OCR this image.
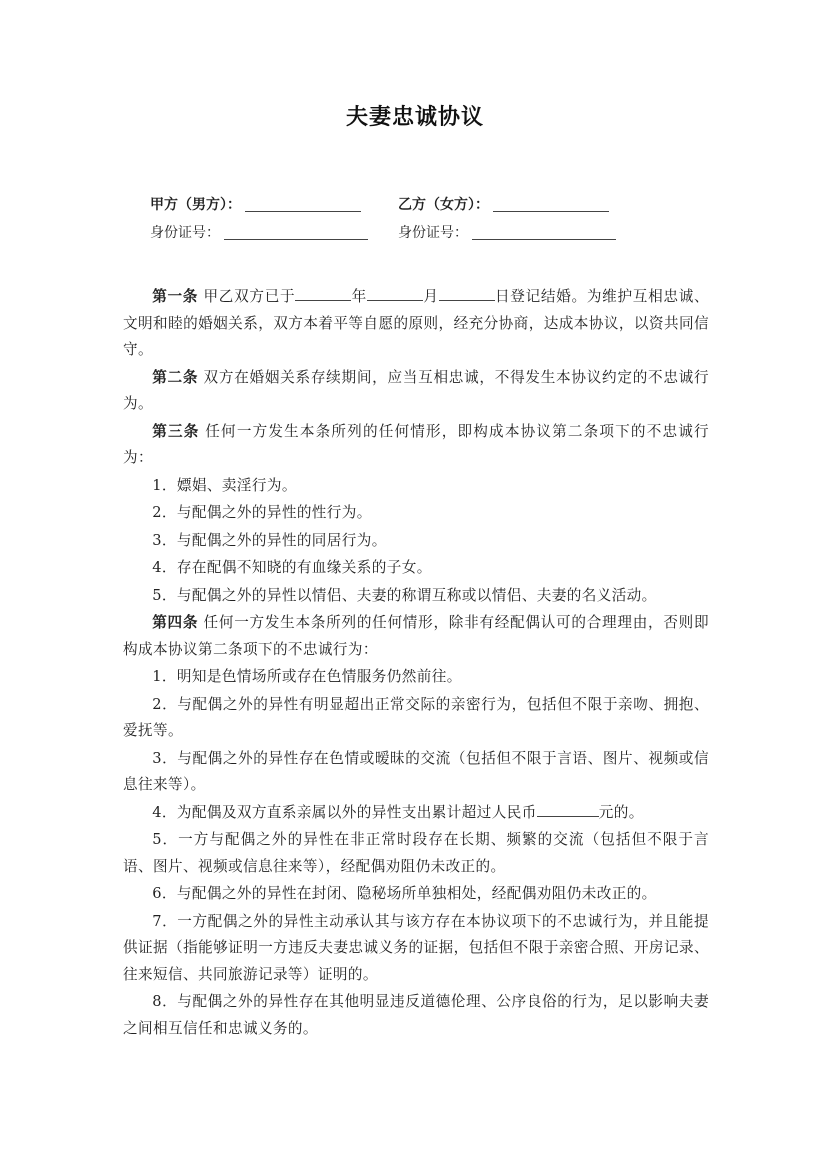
夫妻忠诚协议
甲方（男方）：	乙方（女方）：
身份证号：	身份证号：

第一条 甲乙双方已于	年	月	日登记结婚。为维护互相忠诚、文明和睦的婚姻关系，双方本着平等自愿的原则，经充分协商，达成本协议，以资共同信守。

第二条 双方在婚姻关系存续期间，应当互相忠诚，不得发生本协议约定的不忠诚行为。

第三条 任何一方发生本条所列的任何情形，即构成本协议第二条项下的不忠诚行为：

1．嫖娼、卖淫行为。

2．与配偶之外的异性的性行为。

3．与配偶之外的异性的同居行为。

4．存在配偶不知晓的有血缘关系的子女。

5．与配偶之外的异性以情侣、夫妻的称谓互称或以情侣、夫妻的名义活动。

第四条 任何一方发生本条所列的任何情形，除非有经配偶认可的合理理由，否则即构成本协议第二条项下的不忠诚行为：

1．明知是色情场所或存在色情服务仍然前往。

2．与配偶之外的异性有明显超出正常交际的亲密行为，包括但不限于亲吻、拥抱、爱抚等。

3．与配偶之外的异性存在色情或暧昧的交流（包括但不限于言语、图片、视频或信息往来等）。

4．为配偶及双方直系亲属以外的异性支出累计超过人民币	元的。

5．一方与配偶之外的异性在非正常时段存在长期、频繁的交流（包括但不限于言语、图片、视频或信息往来等），经配偶劝阻仍未改正的。

6．与配偶之外的异性在封闭、隐秘场所单独相处，经配偶劝阻仍未改正的。

7．一方配偶之外的异性主动承认其与该方存在本协议项下的不忠诚行为，并且能提供证据（指能够证明一方违反夫妻忠诚义务的证据，包括但不限于亲密合照、开房记录、往来短信、共同旅游记录等）证明的。

8．与配偶之外的异性存在其他明显违反道德伦理、公序良俗的行为，足以影响夫妻之间相互信任和忠诚义务的。
